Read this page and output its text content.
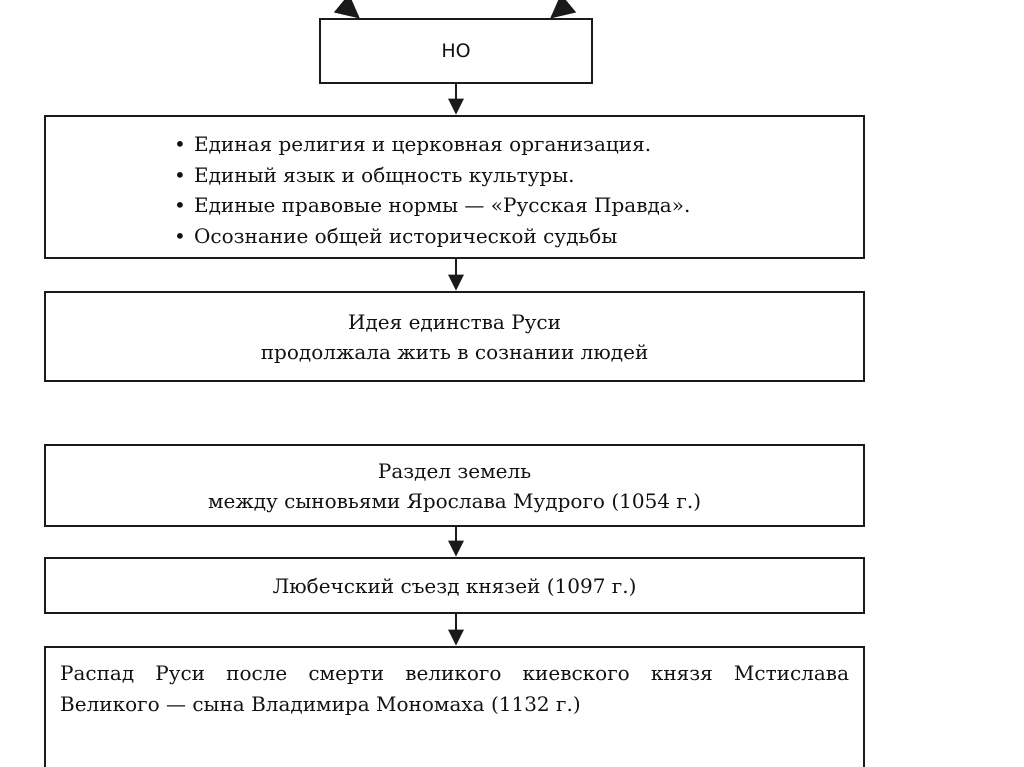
НО
• Единая религия и церковная организация.
• Единый язык и общность культуры.
• Единые правовые нормы — «Русская Правда».
• Осознание общей исторической судьбы
Идея единства Руси
продолжала жить в сознании людей
Раздел земель
между сыновьями Ярослава Мудрого (1054 г.)
Любечский съезд князей (1097 г.)
Распад Руси после смерти великого киевского князя Мстислава Великого — сына Владимира Мономаха (1132 г.)
